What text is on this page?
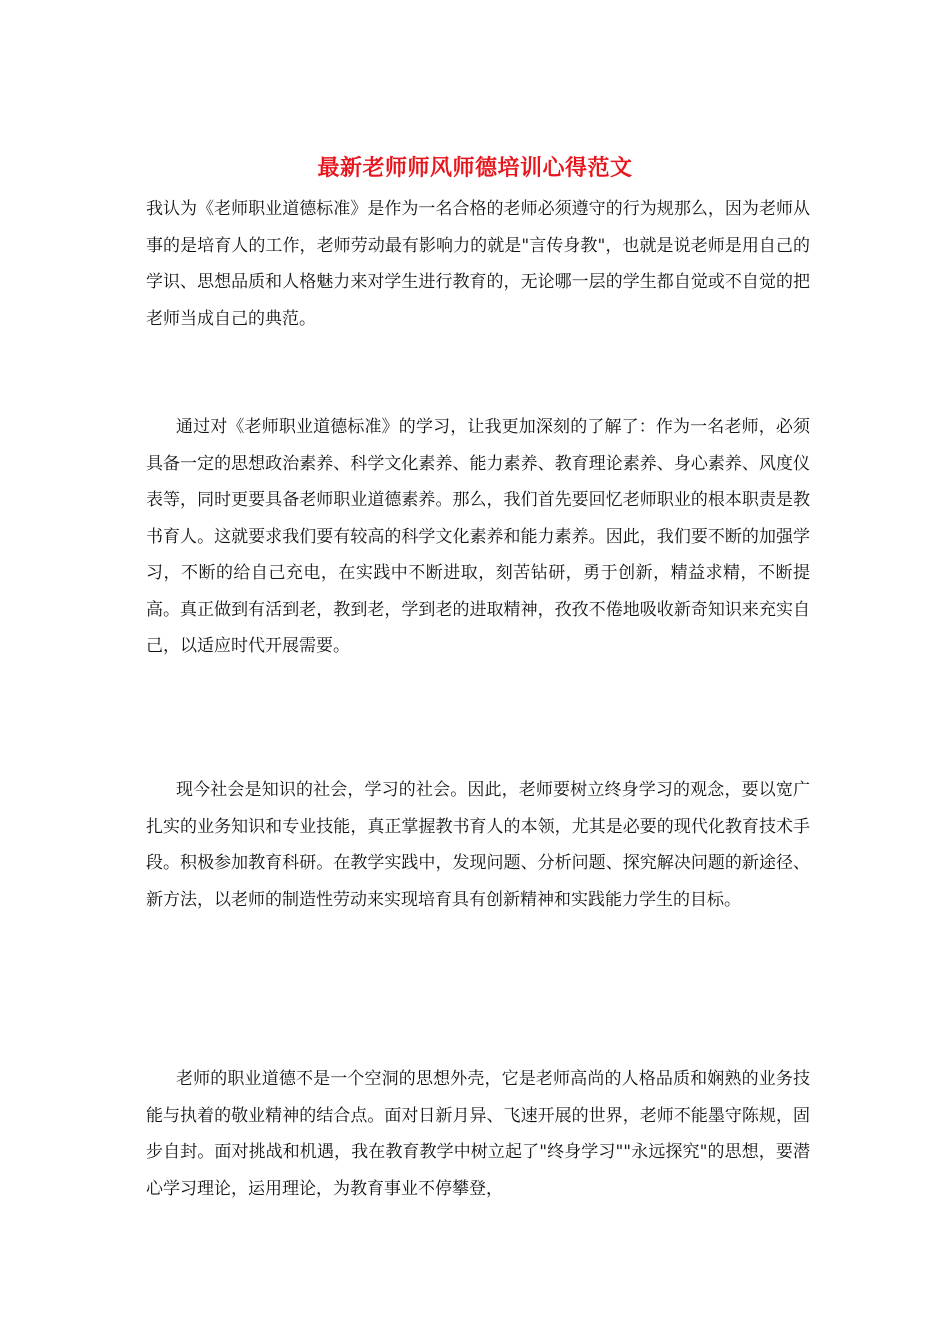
最新老师师风师德培训心得范文

我认为《老师职业道德标准》是作为一名合格的老师必须遵守的行为规那么，因为老师从事的是培育人的工作，老师劳动最有影响力的就是"言传身教"，也就是说老师是用自己的学识、思想品质和人格魅力来对学生进行教育的，无论哪一层的学生都自觉或不自觉的把老师当成自己的典范。

通过对《老师职业道德标准》的学习，让我更加深刻的了解了：作为一名老师，必须具备一定的思想政治素养、科学文化素养、能力素养、教育理论素养、身心素养、风度仪表等，同时更要具备老师职业道德素养。那么，我们首先要回忆老师职业的根本职责是教书育人。这就要求我们要有较高的科学文化素养和能力素养。因此，我们要不断的加强学习，不断的给自己充电，在实践中不断进取，刻苦钻研，勇于创新，精益求精，不断提高。真正做到有活到老，教到老，学到老的进取精神，孜孜不倦地吸收新奇知识来充实自己，以适应时代开展需要。

现今社会是知识的社会，学习的社会。因此，老师要树立终身学习的观念，要以宽广扎实的业务知识和专业技能，真正掌握教书育人的本领，尤其是必要的现代化教育技术手段。积极参加教育科研。在教学实践中，发现问题、分析问题、探究解决问题的新途径、新方法，以老师的制造性劳动来实现培育具有创新精神和实践能力学生的目标。

老师的职业道德不是一个空洞的思想外壳，它是老师高尚的人格品质和娴熟的业务技能与执着的敬业精神的结合点。面对日新月异、飞速开展的世界，老师不能墨守陈规，固步自封。面对挑战和机遇，我在教育教学中树立起了"终身学习""永远探究"的思想，要潜心学习理论，运用理论，为教育事业不停攀登，
